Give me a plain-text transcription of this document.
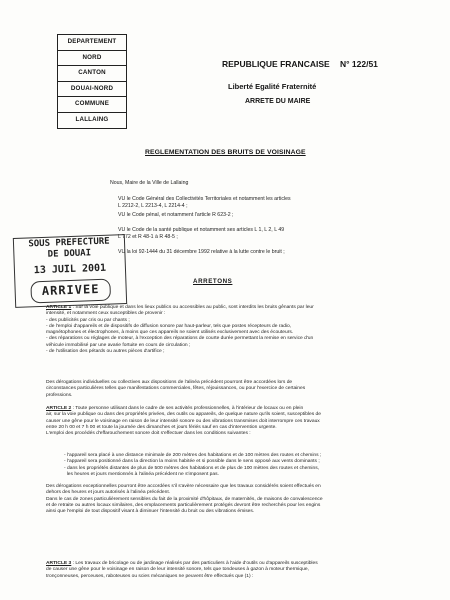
DEPARTEMENT
NORD
CANTON
DOUAI-NORD
COMMUNE
LALLAING
REPUBLIQUE FRANCAISE N° 122/51
Liberté Egalité Fraternité
ARRETE DU MAIRE
REGLEMENTATION DES BRUITS DE VOISINAGE
Nous, Maire de la Ville de Lallaing
VU le Code Général des Collectivités Territoriales et notamment les articles
L 2212-2, L 2213-4, L 2214-4 ;
VU le Code pénal, et notamment l'article R 623-2 ;
VU le Code de la santé publique et notamment ses articles L 1, L 2, L 49
L 772 et R 48-1 à R 48-5 ;
VU la loi 92-1444 du 31 décembre 1992 relative à la lutte contre le bruit ;
ARRETONS
ARTICLE 1 : Sur la voie publique et dans les lieux publics ou accessibles au public, sont interdits les bruits gênants par leur
intensité, et notamment ceux susceptibles de provenir :
- des publicités par cris ou par chants ;
- de l'emploi d'appareils et de dispositifs de diffusion sonore par haut-parleur, tels que postes récepteurs de radio,
magnétophones et électrophones, à moins que ces appareils ne soient utilisés exclusivement avec des écouteurs.
- des réparations ou réglages de moteur, à l'exception des réparations de courte durée permettant la remise en service d'un
véhicule immobilisé par une avarie fortuite en cours de circulation ;
- de l'utilisation des pétards ou autres pièces d'artifice ;
Des dérogations individuelles ou collectives aux dispositions de l'alinéa précédent pourront être accordées lors de
circonstances particulières telles que manifestations commerciales, fêtes, réjouissances, ou pour l'exercice de certaines
professions.
ARTICLE 2 : Toute personne utilisant dans le cadre de ses activités professionnelles, à l'intérieur de locaux ou en plein
air, sur la voie publique ou dans des propriétés privées, des outils ou appareils, de quelque nature qu'ils soient, susceptibles de
causer une gêne pour le voisinage en raison de leur intensité sonore ou des vibrations transmises doit interrompre ces travaux
entre 20 h 00 et 7 h 00 et toute la journée des dimanches et jours fériés sauf en cas d'intervention urgente.
L'emploi des procédés d'effarouchement sonore doit s'effectuer dans les conditions suivantes :
- l'appareil sera placé à une distance minimale de 200 mètres des habitations et de 100 mètres des routes et chemins ;
- l'appareil sera positionné dans la direction la moins habitée et si possible dans le sens opposé aux vents dominants ;
- dans les propriétés distantes de plus de 500 mètres des habitations et de plus de 100 mètres des routes et chemins,
les heures et jours mentionnés à l'alinéa précédent ne s'imposent pas.
Des dérogations exceptionnelles pourront être accordées s'il s'avère nécessaire que les travaux considérés soient effectués en
dehors des heures et jours autorisés à l'alinéa précédent.
Dans le cas de zones particulièrement sensibles du fait de la proximité d'hôpitaux, de maternités, de maisons de convalescence
et de retraite ou autres locaux similaires, des emplacements particulièrement protégés devront être recherchés pour les engins
ainsi que l'emploi de tout dispositif visant à diminuer l'intensité du bruit ou des vibrations émises.
ARTICLE 3 : Les travaux de bricolage ou de jardinage réalisés par des particuliers à l'aide d'outils ou d'appareils susceptibles
de causer une gêne pour le voisinage en raison de leur intensité sonore, tels que tondeuses à gazon à moteur thermique,
tronçonneuses, perceuses, raboteuses ou scies mécaniques ne peuvent être effectués que (1) :
SOUS PREFECTURE
DE DOUAI
13 JUIL 2001
ARRIVEE
